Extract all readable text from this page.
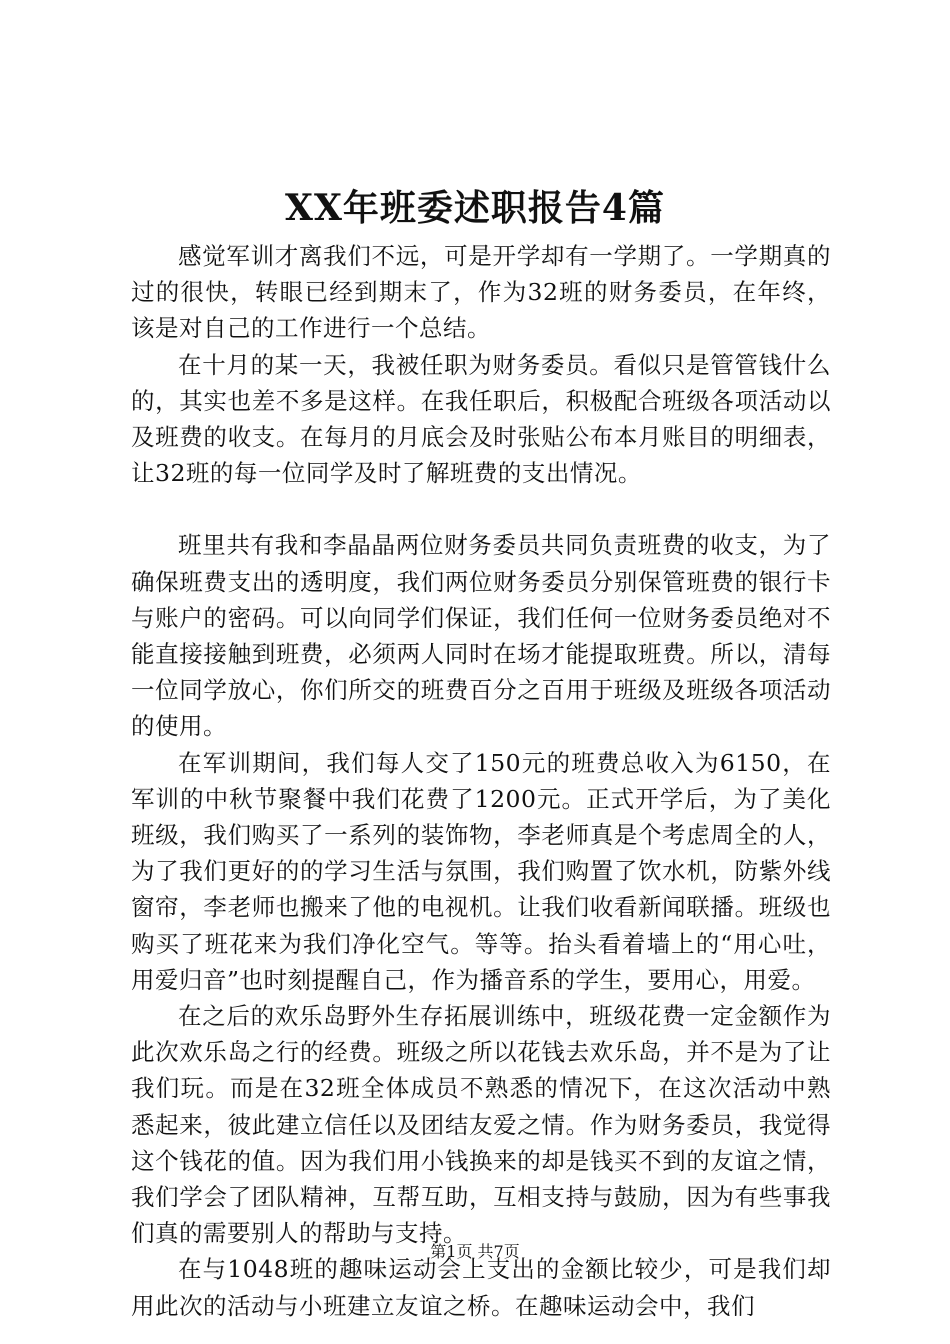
XX年班委述职报告4篇

感觉军训才离我们不远，可是开学却有一学期了。一学期真的过的很快，转眼已经到期末了，作为32班的财务委员，在年终，该是对自己的工作进行一个总结。

在十月的某一天，我被任职为财务委员。看似只是管管钱什么的，其实也差不多是这样。在我任职后，积极配合班级各项活动以及班费的收支。在每月的月底会及时张贴公布本月账目的明细表，让32班的每一位同学及时了解班费的支出情况。

班里共有我和李晶晶两位财务委员共同负责班费的收支，为了确保班费支出的透明度，我们两位财务委员分别保管班费的银行卡与账户的密码。可以向同学们保证，我们任何一位财务委员绝对不能直接接触到班费，必须两人同时在场才能提取班费。所以，清每一位同学放心，你们所交的班费百分之百用于班级及班级各项活动的使用。

在军训期间，我们每人交了150元的班费总收入为6150，在军训的中秋节聚餐中我们花费了1200元。正式开学后，为了美化班级，我们购买了一系列的装饰物，李老师真是个考虑周全的人，为了我们更好的的学习生活与氛围，我们购置了饮水机，防紫外线窗帘，李老师也搬来了他的电视机。让我们收看新闻联播。班级也购买了班花来为我们净化空气。等等。抬头看着墙上的“用心吐，用爱归音”也时刻提醒自己，作为播音系的学生，要用心，用爱。

在之后的欢乐岛野外生存拓展训练中，班级花费一定金额作为此次欢乐岛之行的经费。班级之所以花钱去欢乐岛，并不是为了让我们玩。而是在32班全体成员不熟悉的情况下，在这次活动中熟悉起来，彼此建立信任以及团结友爱之情。作为财务委员，我觉得这个钱花的值。因为我们用小钱换来的却是钱买不到的友谊之情，我们学会了团队精神，互帮互助，互相支持与鼓励，因为有些事我们真的需要别人的帮助与支持。

在与1048班的趣味运动会上支出的金额比较少，可是我们却用此次的活动与小班建立友谊之桥。在趣味运动会中，我们

第1页 共7页
